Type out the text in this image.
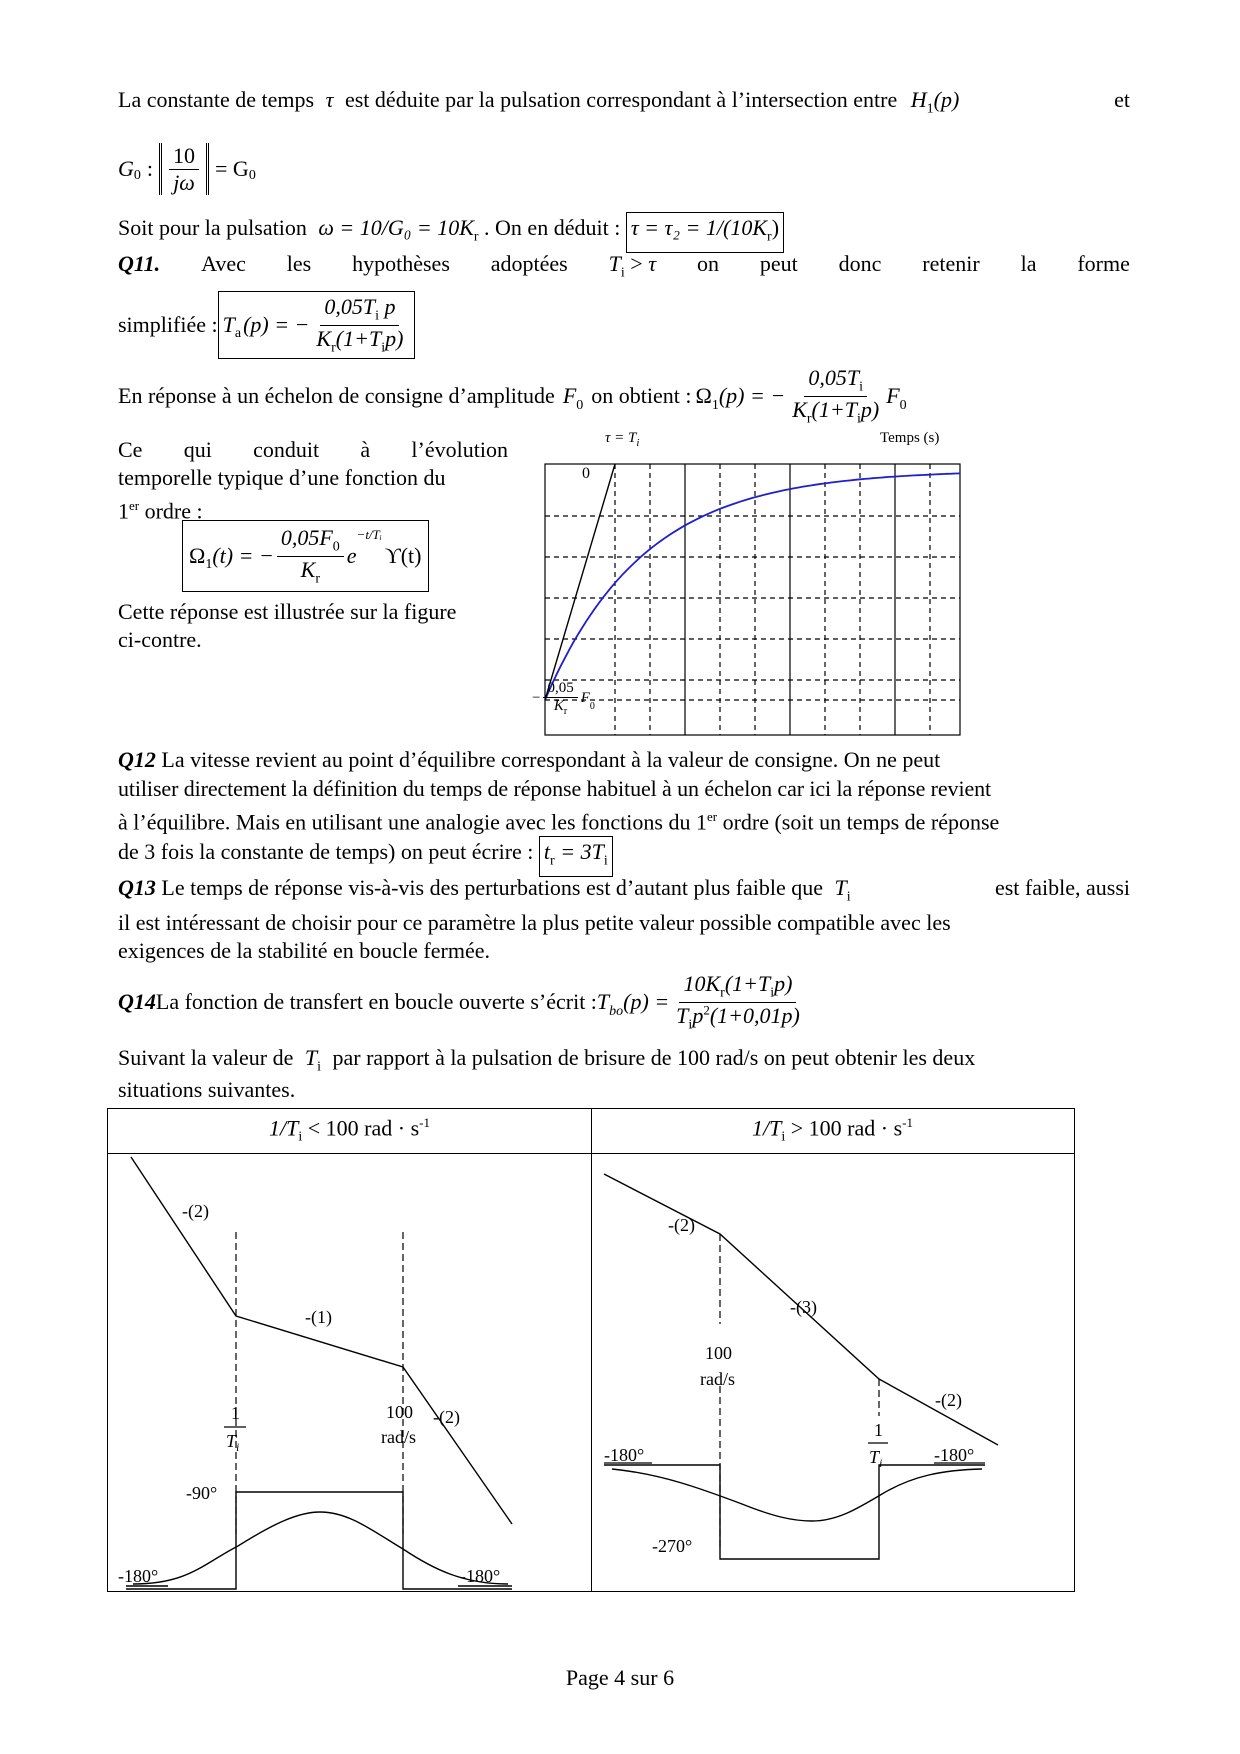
La constante de temps τ est déduite par la pulsation correspondant à l’intersection entre $H_1(p)$	et
$G_0$ : $\frac{10}{j\omega} = G_0$
Soit pour la pulsation $\omega = 10/G_0 = 10K_r$ . On en déduit : $\tau = \tau_2 = 1/(10K_r)$
Q11. Avec les hypothèses adoptées $T_i > \tau$ on peut donc retenir la forme
simplifiée : $T_a$ (p) = − $\frac{0,05T_i p}{K_r(1+T_ip)}$
En réponse à un échelon de consigne d’amplitude $F_0$ on obtient : $\Omega_1$ (p) = − $\frac{0,05T_i}{K_r(1+T_ip)} F_0$
Ce qui conduit à l’évolution
temporelle typique d’une fonction du
1er ordre :
$\Omega_1$ (t) = − $\frac{0,05F_0}{K_r}$ e
−t/Tᵢ
ϒ(t)
Cette réponse est illustrée sur la figure
ci-contre.
$\tau = T_i$	Temps (s)
0
− $\frac{0,05}{K_r} F_0$
Q12 La vitesse revient au point d’équilibre correspondant à la valeur de consigne. On ne peut
utiliser directement la définition du temps de réponse habituel à un échelon car ici la réponse revient
à l’équilibre. Mais en utilisant une analogie avec les fonctions du 1er ordre (soit un temps de réponse
de 3 fois la constante de temps) on peut écrire : $t_r = 3T_i$
Q13 Le temps de réponse vis-à-vis des perturbations est d’autant plus faible que $T_i$	est faible, aussi
il est intéressant de choisir pour ce paramètre la plus petite valeur possible compatible avec les
exigences de la stabilité en boucle fermée.
Q14 La fonction de transfert en boucle ouverte s’écrit : $T_{bo}$ $(p) = \frac{10K_r(1+T_ip)}{T_ip^2(1+0,01p)}$
Suivant la valeur de $T_i$ par rapport à la pulsation de brisure de 100 rad/s on peut obtenir les deux
situations suivantes.
$1/T_i < 100$ rad · $s^{-1}$	$1/T_i > 100$ rad · $s^{-1}$
-(2)
-(1)
-(2)
1
$T_i$
100
rad/s
-90°
-180°	-180°
-(2)
-(3)
-(2)
100
rad/s
1
$T_i$
-180°	-180°
-270°
Page 4 sur 6
